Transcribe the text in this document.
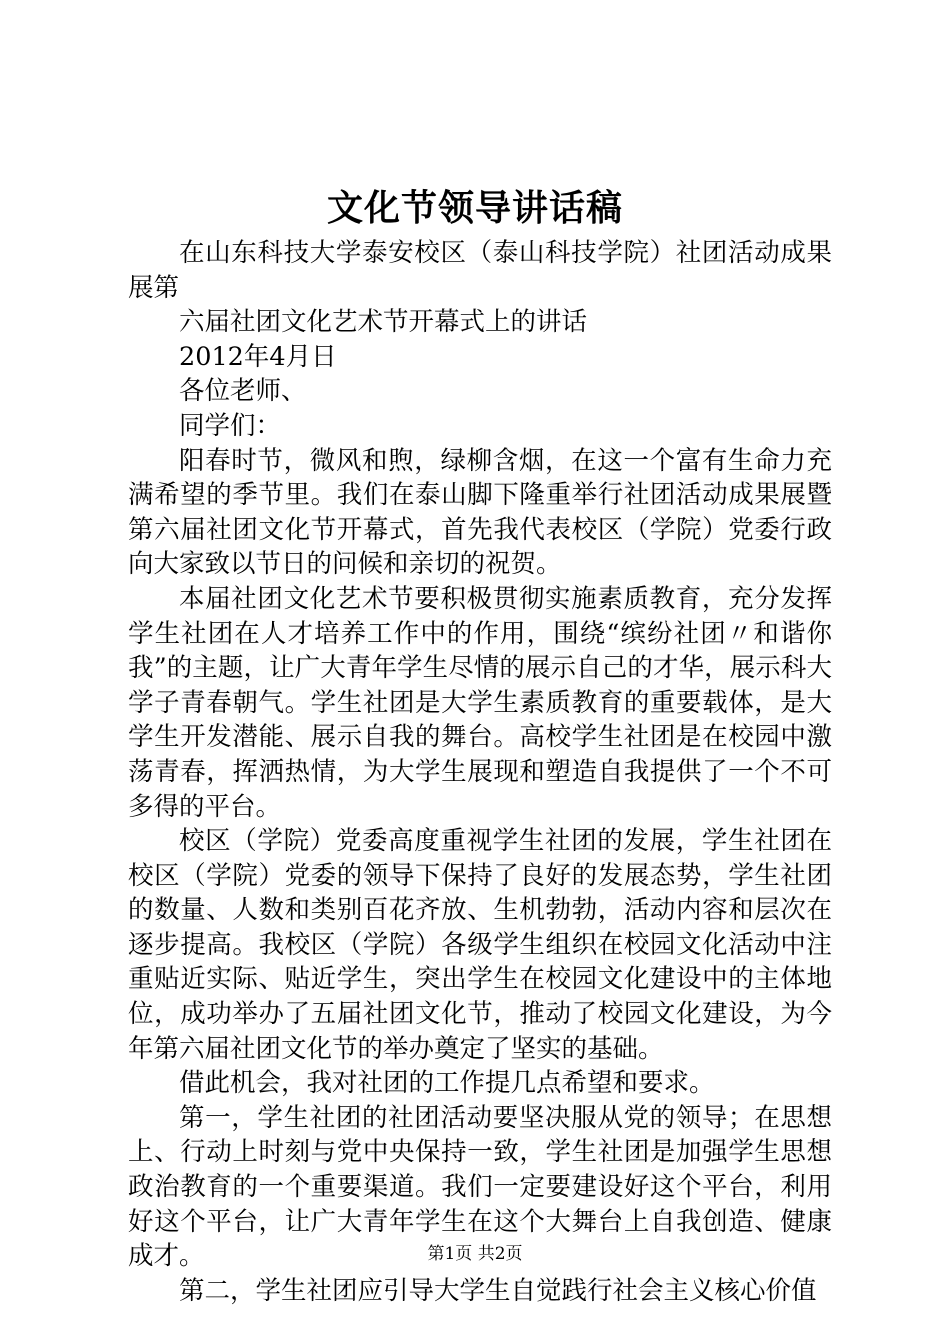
文化节领导讲话稿

在山东科技大学泰安校区（泰山科技学院）社团活动成果展第

六届社团文化艺术节开幕式上的讲话

2012年4月日

各位老师、

同学们：

阳春时节，微风和煦，绿柳含烟，在这一个富有生命力充满希望的季节里。我们在泰山脚下隆重举行社团活动成果展暨第六届社团文化节开幕式，首先我代表校区（学院）党委行政向大家致以节日的问候和亲切的祝贺。

本届社团文化艺术节要积极贯彻实施素质教育，充分发挥学生社团在人才培养工作中的作用，围绕“缤纷社团〃和谐你我”的主题，让广大青年学生尽情的展示自己的才华，展示科大学子青春朝气。学生社团是大学生素质教育的重要载体，是大学生开发潜能、展示自我的舞台。高校学生社团是在校园中激荡青春，挥洒热情，为大学生展现和塑造自我提供了一个不可多得的平台。

校区（学院）党委高度重视学生社团的发展，学生社团在校区（学院）党委的领导下保持了良好的发展态势，学生社团的数量、人数和类别百花齐放、生机勃勃，活动内容和层次在逐步提高。我校区（学院）各级学生组织在校园文化活动中注重贴近实际、贴近学生，突出学生在校园文化建设中的主体地位，成功举办了五届社团文化节，推动了校园文化建设，为今年第六届社团文化节的举办奠定了坚实的基础。

借此机会，我对社团的工作提几点希望和要求。

第一，学生社团的社团活动要坚决服从党的领导；在思想上、行动上时刻与党中央保持一致，学生社团是加强学生思想政治教育的一个重要渠道。我们一定要建设好这个平台，利用好这个平台，让广大青年学生在这个大舞台上自我创造、健康成才。

第二，学生社团应引导大学生自觉践行社会主义核心价值

第1页 共2页
